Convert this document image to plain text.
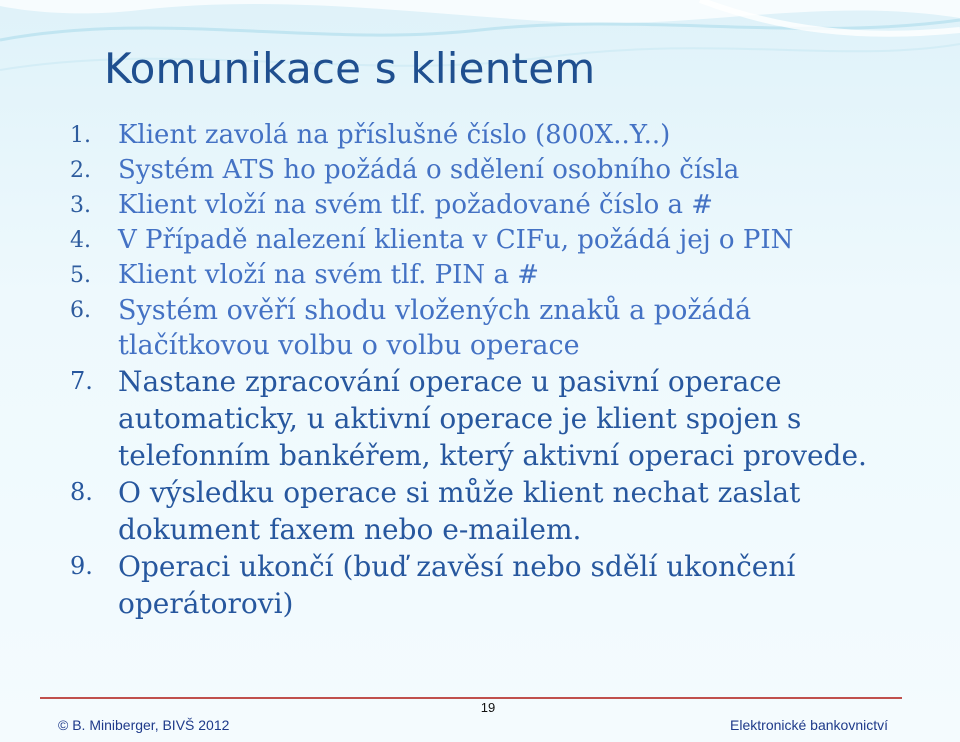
Komunikace s klientem
1.	Klient zavolá na příslušné číslo (800X..Y..)
2.	Systém ATS ho požádá o sdělení osobního čísla
3.	Klient vloží na svém tlf. požadované číslo a #
4.	V Případě nalezení klienta v CIFu, požádá jej o PIN
5.	Klient vloží na svém tlf. PIN a #
6.	Systém ověří shodu vložených znaků a požádá
tlačítkovou volbu o volbu operace
7. Nastane zpracování operace u pasivní operace
automaticky, u aktivní operace je klient spojen s
telefonním bankéřem, který aktivní operaci provede.
8. O výsledku operace si může klient nechat zaslat
dokument faxem nebo e-mailem.
9. Operaci ukončí (buď zavěsí nebo sdělí ukončení
operátorovi)
19
© B. Miniberger, BIVŠ 2012	Elektronické bankovnictví
